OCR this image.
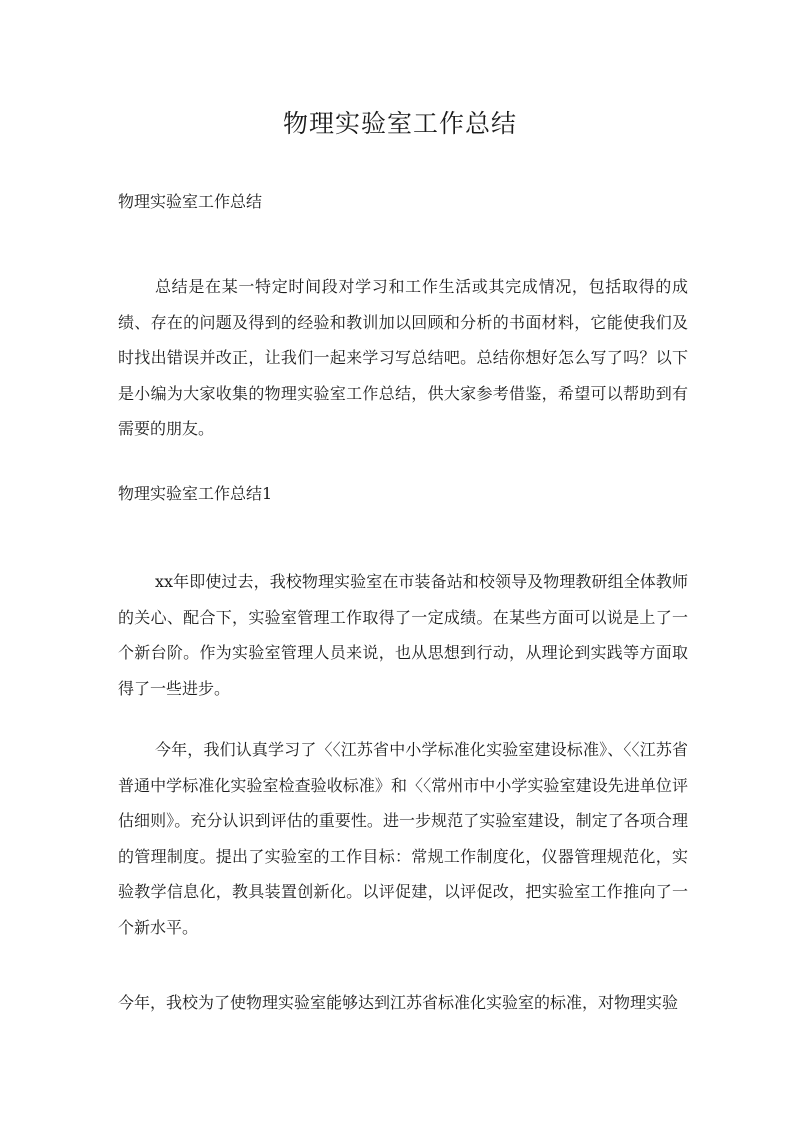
物理实验室工作总结

物理实验室工作总结

总结是在某一特定时间段对学习和工作生活或其完成情况，包括取得的成绩、存在的问题及得到的经验和教训加以回顾和分析的书面材料，它能使我们及时找出错误并改正，让我们一起来学习写总结吧。总结你想好怎么写了吗？以下是小编为大家收集的物理实验室工作总结，供大家参考借鉴，希望可以帮助到有需要的朋友。

物理实验室工作总结1

xx年即使过去，我校物理实验室在市装备站和校领导及物理教研组全体教师的关心、配合下，实验室管理工作取得了一定成绩。在某些方面可以说是上了一个新台阶。作为实验室管理人员来说，也从思想到行动，从理论到实践等方面取得了一些进步。

今年，我们认真学习了〈〈江苏省中小学标准化实验室建设标准》、〈〈江苏省普通中学标准化实验室检查验收标准》和〈〈常州市中小学实验室建设先进单位评估细则》。充分认识到评估的重要性。进一步规范了实验室建设，制定了各项合理的管理制度。提出了实验室的工作目标：常规工作制度化，仪器管理规范化，实验教学信息化，教具装置创新化。以评促建，以评促改，把实验室工作推向了一个新水平。

今年，我校为了使物理实验室能够达到江苏省标准化实验室的标准，对物理实验
